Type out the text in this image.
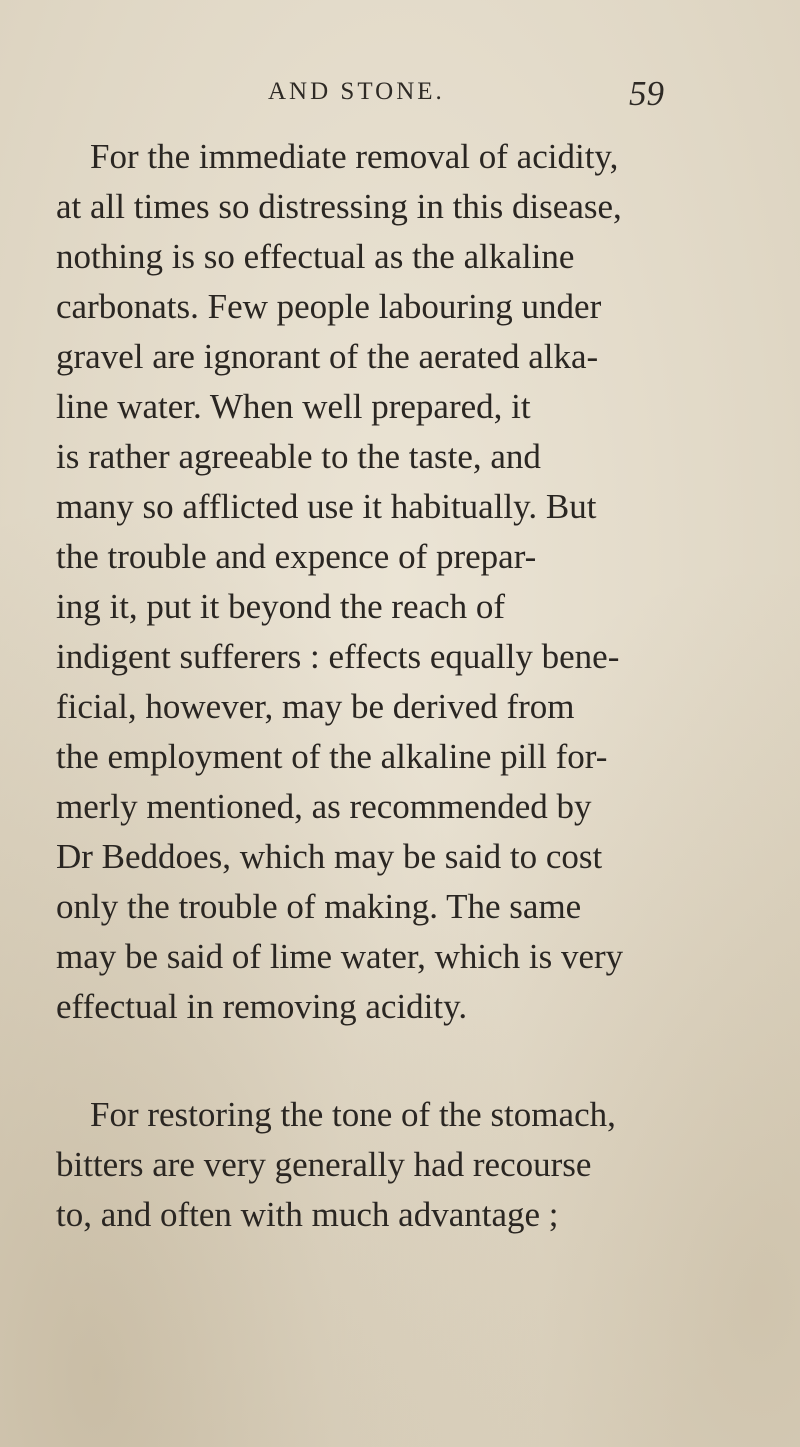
AND STONE.	59
For the immediate removal of acidity,
at all times so distressing in this disease,
nothing is so effectual as the alkaline
carbonats. Few people labouring under
gravel are ignorant of the aerated alka-
line water. When well prepared, it
is rather agreeable to the taste, and
many so afflicted use it habitually. But
the trouble and expence of prepar-
ing it, put it beyond the reach of
indigent sufferers : effects equally bene-
ficial, however, may be derived from
the employment of the alkaline pill for-
merly mentioned, as recommended by
Dr Beddoes, which may be said to cost
only the trouble of making. The same
may be said of lime water, which is very
effectual in removing acidity.
For restoring the tone of the stomach,
bitters are very generally had recourse
to, and often with much advantage ;
